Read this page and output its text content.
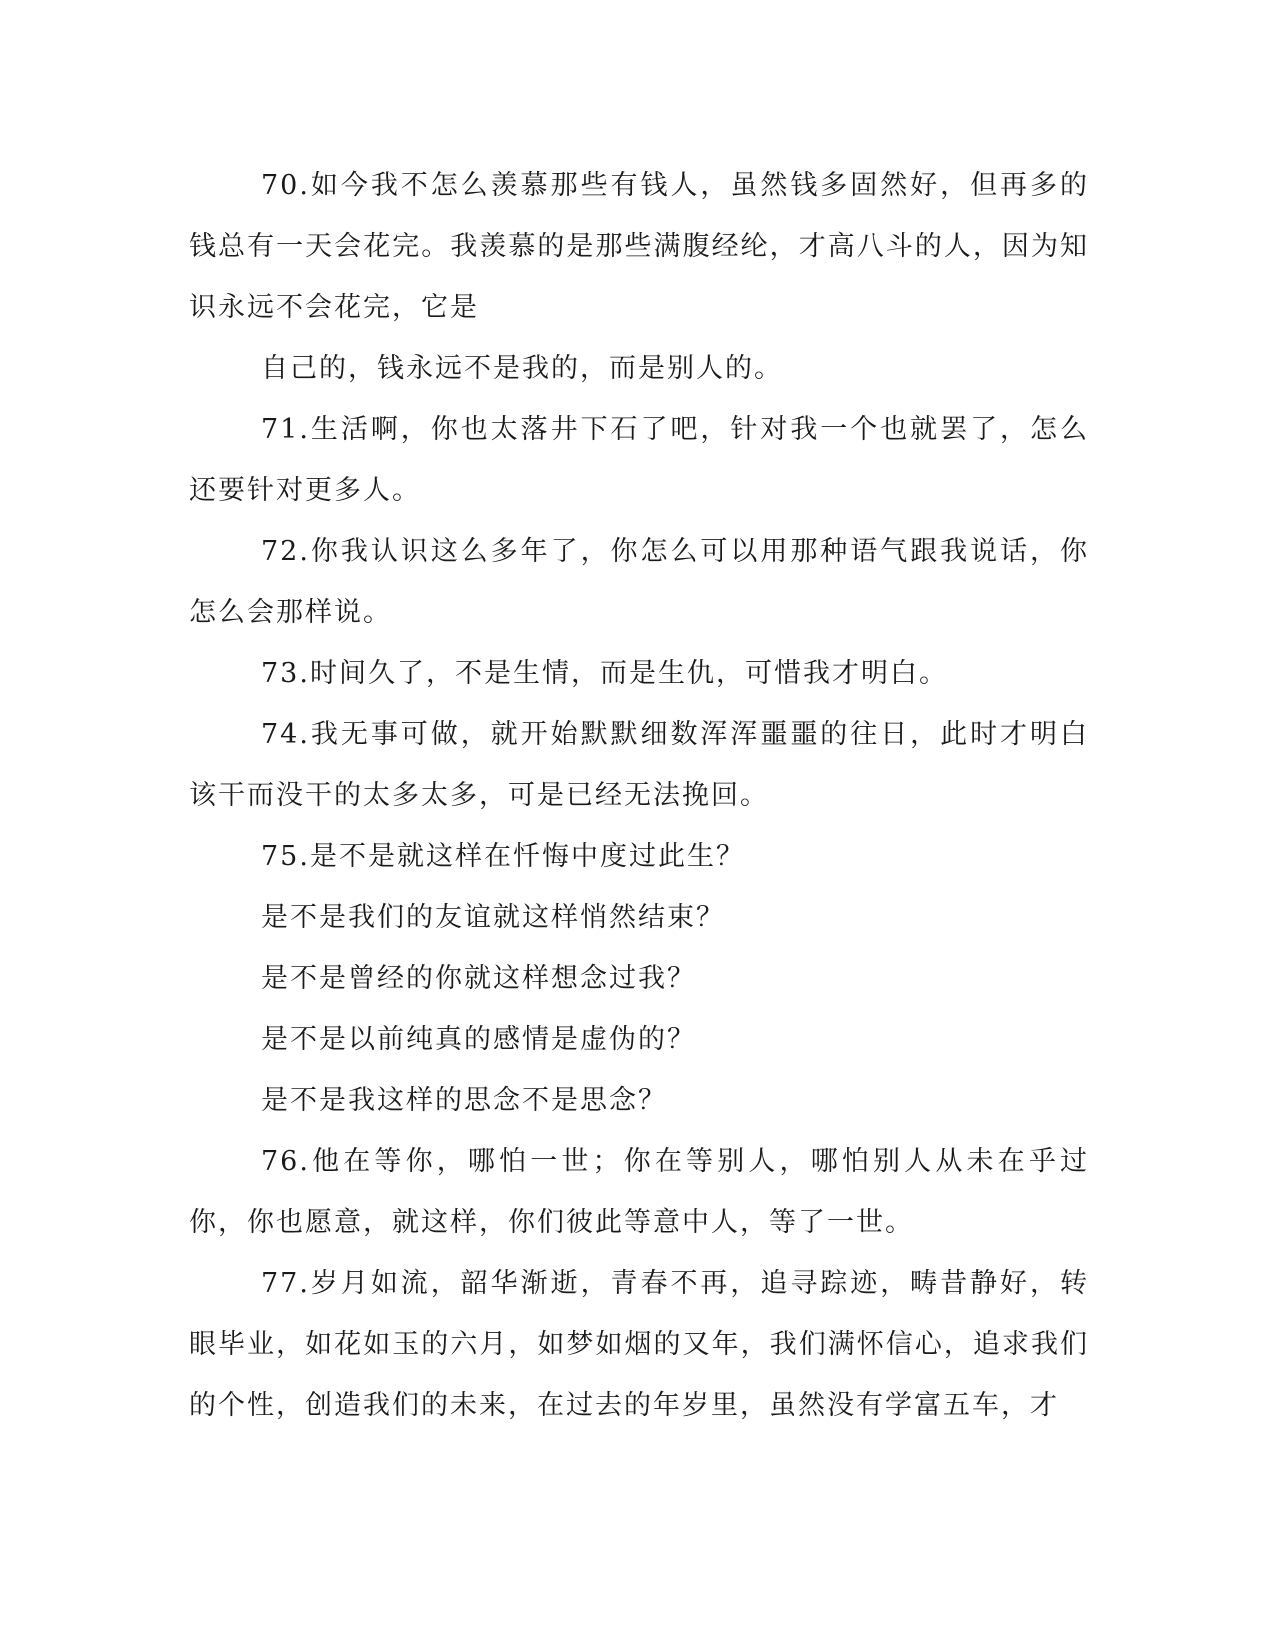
70.如今我不怎么羡慕那些有钱人，虽然钱多固然好，但再多的钱总有一天会花完。我羡慕的是那些满腹经纶，才高八斗的人，因为知识永远不会花完，它是

自己的，钱永远不是我的，而是别人的。

71.生活啊，你也太落井下石了吧，针对我一个也就罢了，怎么还要针对更多人。

72.你我认识这么多年了，你怎么可以用那种语气跟我说话，你怎么会那样说。

73.时间久了，不是生情，而是生仇，可惜我才明白。

74.我无事可做，就开始默默细数浑浑噩噩的往日，此时才明白该干而没干的太多太多，可是已经无法挽回。

75.是不是就这样在忏悔中度过此生？

是不是我们的友谊就这样悄然结束？

是不是曾经的你就这样想念过我？

是不是以前纯真的感情是虚伪的？

是不是我这样的思念不是思念？

76.他在等你，哪怕一世；你在等别人，哪怕别人从未在乎过你，你也愿意，就这样，你们彼此等意中人，等了一世。

77.岁月如流，韶华渐逝，青春不再，追寻踪迹，畴昔静好，转眼毕业，如花如玉的六月，如梦如烟的又年，我们满怀信心，追求我们的个性，创造我们的未来，在过去的年岁里，虽然没有学富五车，才
